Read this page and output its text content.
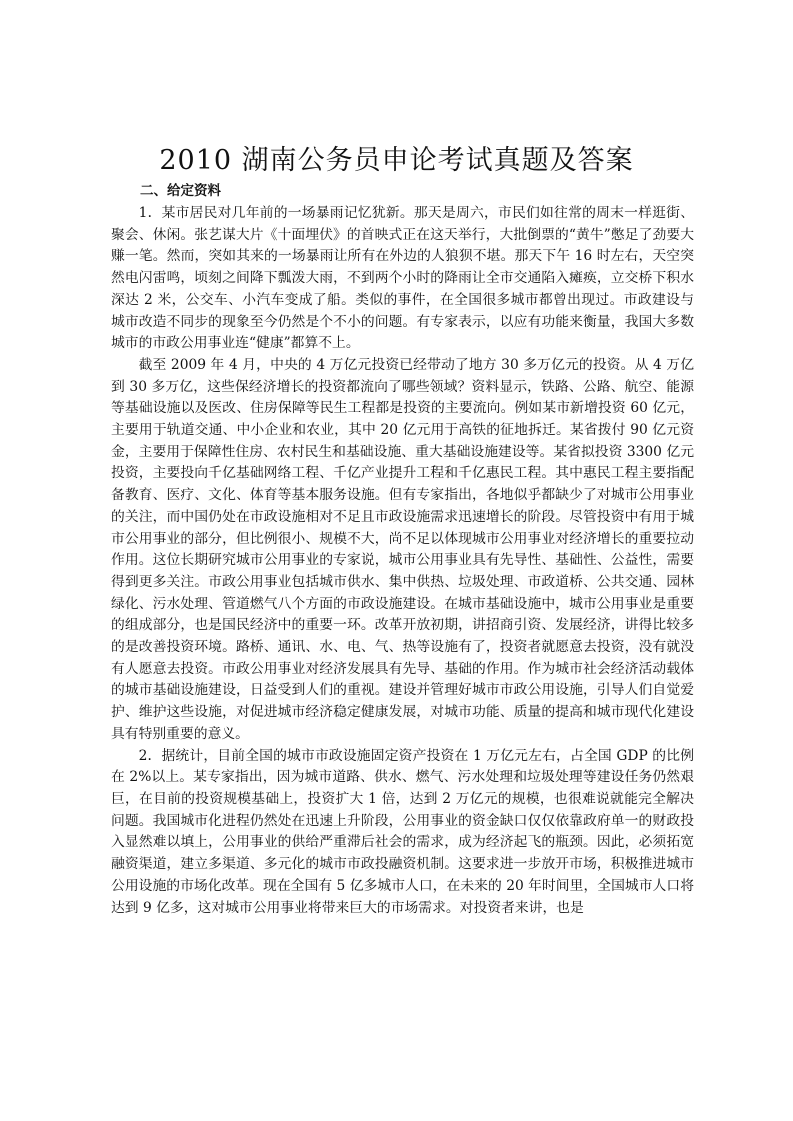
2010 湖南公务员申论考试真题及答案
二、给定资料

1．某市居民对几年前的一场暴雨记忆犹新。那天是周六，市民们如往常的周末一样逛街、聚会、休闲。张艺谋大片《十面埋伏》的首映式正在这天举行，大批倒票的“黄牛”憋足了劲要大赚一笔。然而，突如其来的一场暴雨让所有在外边的人狼狈不堪。那天下午 16 时左右，天空突然电闪雷鸣，顷刻之间降下瓢泼大雨，不到两个小时的降雨让全市交通陷入瘫痪，立交桥下积水深达 2 米，公交车、小汽车变成了船。类似的事件，在全国很多城市都曾出现过。市政建设与城市改造不同步的现象至今仍然是个不小的问题。有专家表示，以应有功能来衡量，我国大多数城市的市政公用事业连“健康”都算不上。

截至 2009 年 4 月，中央的 4 万亿元投资已经带动了地方 30 多万亿元的投资。从 4 万亿到 30 多万亿，这些保经济增长的投资都流向了哪些领域？资料显示，铁路、公路、航空、能源等基础设施以及医改、住房保障等民生工程都是投资的主要流向。例如某市新增投资 60 亿元，主要用于轨道交通、中小企业和农业，其中 20 亿元用于高铁的征地拆迁。某省拨付 90 亿元资金，主要用于保障性住房、农村民生和基础设施、重大基础设施建设等。某省拟投资 3300 亿元投资，主要投向千亿基础网络工程、千亿产业提升工程和千亿惠民工程。其中惠民工程主要指配备教育、医疗、文化、体育等基本服务设施。但有专家指出，各地似乎都缺少了对城市公用事业的关注，而中国仍处在市政设施相对不足且市政设施需求迅速增长的阶段。尽管投资中有用于城市公用事业的部分，但比例很小、规模不大，尚不足以体现城市公用事业对经济增长的重要拉动作用。这位长期研究城市公用事业的专家说，城市公用事业具有先导性、基础性、公益性，需要得到更多关注。市政公用事业包括城市供水、集中供热、垃圾处理、市政道桥、公共交通、园林绿化、污水处理、管道燃气八个方面的市政设施建设。在城市基础设施中，城市公用事业是重要的组成部分，也是国民经济中的重要一环。改革开放初期，讲招商引资、发展经济，讲得比较多的是改善投资环境。路桥、通讯、水、电、气、热等设施有了，投资者就愿意去投资，没有就没有人愿意去投资。市政公用事业对经济发展具有先导、基础的作用。作为城市社会经济活动载体的城市基础设施建设，日益受到人们的重视。建设并管理好城市市政公用设施，引导人们自觉爱护、维护这些设施，对促进城市经济稳定健康发展，对城市功能、质量的提高和城市现代化建设具有特别重要的意义。

2．据统计，目前全国的城市市政设施固定资产投资在 1 万亿元左右，占全国 GDP 的比例在 2%以上。某专家指出，因为城市道路、供水、燃气、污水处理和垃圾处理等建设任务仍然艰巨，在目前的投资规模基础上，投资扩大 1 倍，达到 2 万亿元的规模，也很难说就能完全解决问题。我国城市化进程仍然处在迅速上升阶段，公用事业的资金缺口仅仅依靠政府单一的财政投入显然难以填上，公用事业的供给严重滞后社会的需求，成为经济起飞的瓶颈。因此，必须拓宽融资渠道，建立多渠道、多元化的城市市政投融资机制。这要求进一步放开市场，积极推进城市公用设施的市场化改革。现在全国有 5 亿多城市人口，在未来的 20 年时间里，全国城市人口将达到 9 亿多，这对城市公用事业将带来巨大的市场需求。对投资者来讲，也是
